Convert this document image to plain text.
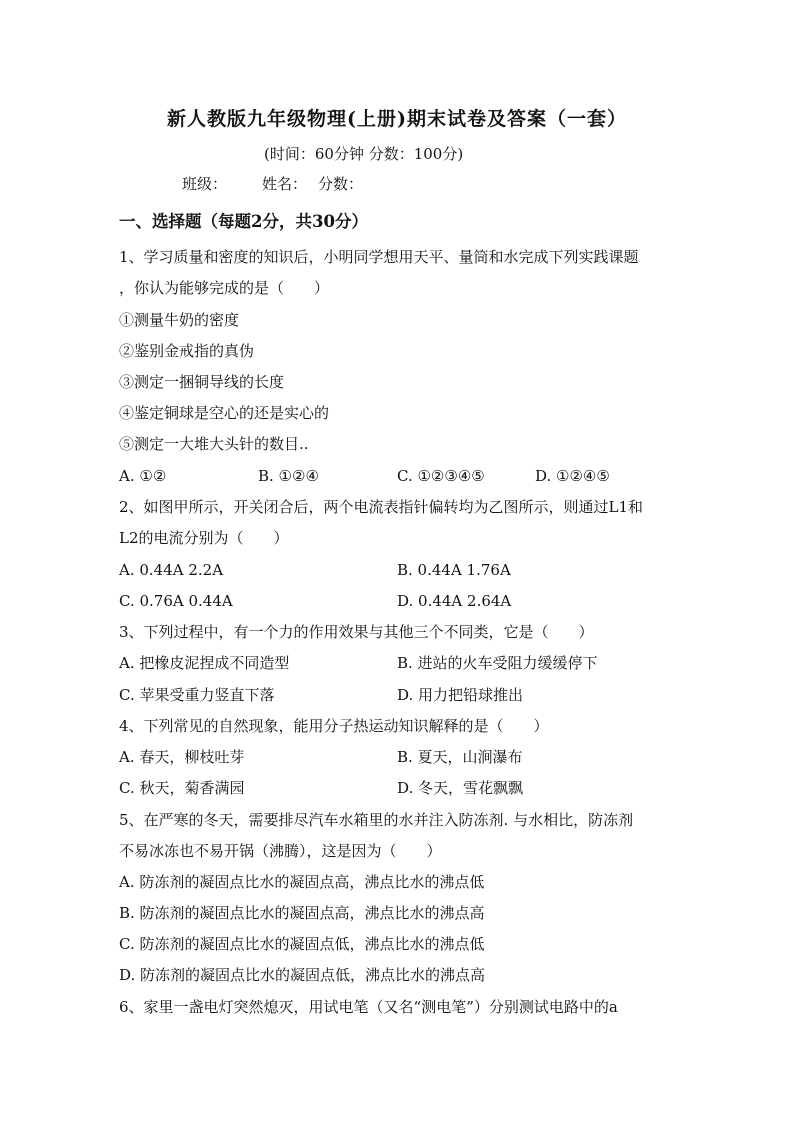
新人教版九年级物理(上册)期末试卷及答案（一套）
(时间：60分钟 分数：100分)
班级： 姓名： 分数：
一、选择题（每题2分，共30分）
1、学习质量和密度的知识后，小明同学想用天平、量筒和水完成下列实践课题
，你认为能够完成的是（　　）
①测量牛奶的密度
②鉴别金戒指的真伪
③测定一捆铜导线的长度
④鉴定铜球是空心的还是实心的
⑤测定一大堆大头针的数目..
A. ①②	B. ①②④	C. ①②③④⑤	D. ①②④⑤
2、如图甲所示，开关闭合后，两个电流表指针偏转均为乙图所示，则通过L1和
L2的电流分别为（　　）
A. 0.44A 2.2A	B. 0.44A 1.76A
C. 0.76A 0.44A	D. 0.44A 2.64A
3、下列过程中，有一个力的作用效果与其他三个不同类，它是（　　）
A. 把橡皮泥捏成不同造型	B. 进站的火车受阻力缓缓停下
C. 苹果受重力竖直下落	D. 用力把铅球推出
4、下列常见的自然现象，能用分子热运动知识解释的是（　　）
A. 春天，柳枝吐芽	B. 夏天，山涧瀑布
C. 秋天，菊香满园	D. 冬天，雪花飘飘
5、在严寒的冬天，需要排尽汽车水箱里的水并注入防冻剂. 与水相比，防冻剂
不易冰冻也不易开锅（沸腾），这是因为（　　）
A. 防冻剂的凝固点比水的凝固点高，沸点比水的沸点低
B. 防冻剂的凝固点比水的凝固点高，沸点比水的沸点高
C. 防冻剂的凝固点比水的凝固点低，沸点比水的沸点低
D. 防冻剂的凝固点比水的凝固点低，沸点比水的沸点高
6、家里一盏电灯突然熄灭，用试电笔（又名“测电笔”）分别测试电路中的a
